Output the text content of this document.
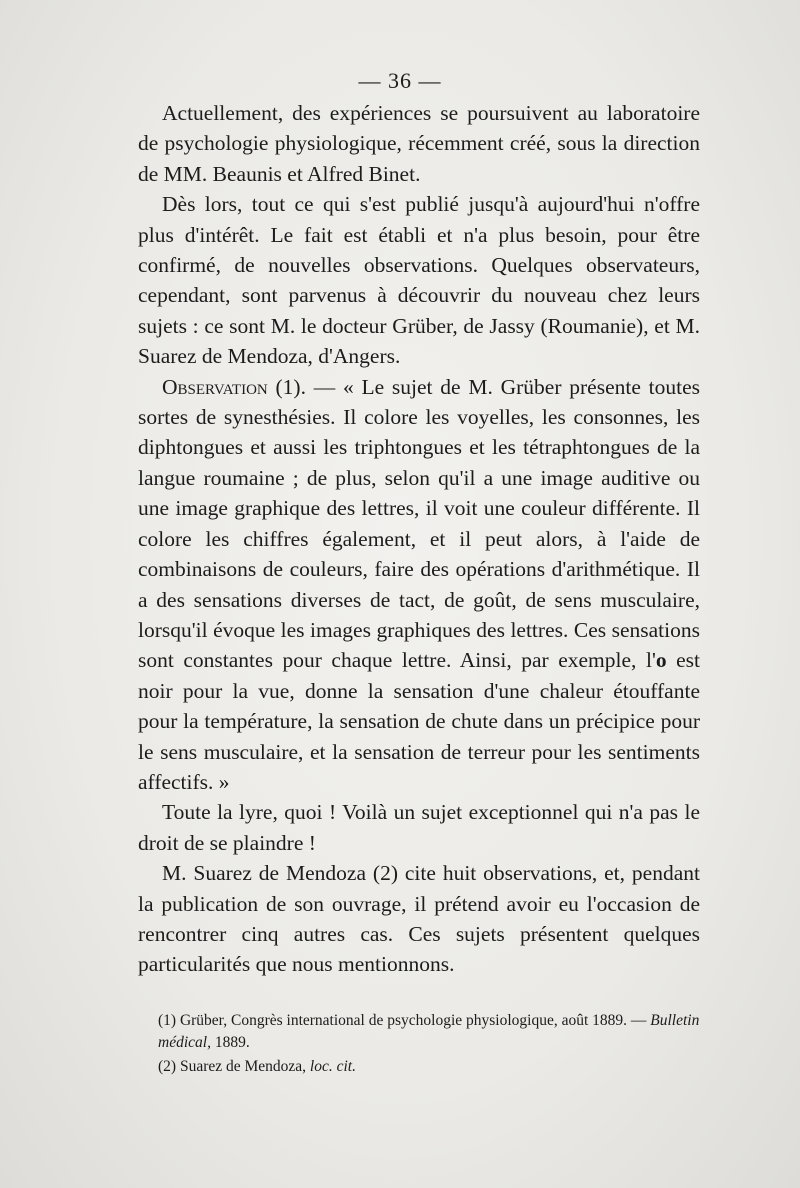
— 36 —

Actuellement, des expériences se poursuivent au laboratoire de psychologie physiologique, récemment créé, sous la direction de MM. Beaunis et Alfred Binet.

Dès lors, tout ce qui s'est publié jusqu'à aujourd'hui n'offre plus d'intérêt. Le fait est établi et n'a plus besoin, pour être confirmé, de nouvelles observations. Quelques observateurs, cependant, sont parvenus à découvrir du nouveau chez leurs sujets : ce sont M. le docteur Grüber, de Jassy (Roumanie), et M. Suarez de Mendoza, d'Angers.

Observation (1). — « Le sujet de M. Grüber présente toutes sortes de synesthésies. Il colore les voyelles, les consonnes, les diphtongues et aussi les triphtongues et les tétraphtongues de la langue roumaine ; de plus, selon qu'il a une image auditive ou une image graphique des lettres, il voit une couleur différente. Il colore les chiffres également, et il peut alors, à l'aide de combinaisons de couleurs, faire des opérations d'arithmétique. Il a des sensations diverses de tact, de goût, de sens musculaire, lorsqu'il évoque les images graphiques des lettres. Ces sensations sont constantes pour chaque lettre. Ainsi, par exemple, l'o est noir pour la vue, donne la sensation d'une chaleur étouffante pour la température, la sensation de chute dans un précipice pour le sens musculaire, et la sensation de terreur pour les sentiments affectifs. »

Toute la lyre, quoi ! Voilà un sujet exceptionnel qui n'a pas le droit de se plaindre !

M. Suarez de Mendoza (2) cite huit observations, et, pendant la publication de son ouvrage, il prétend avoir eu l'occasion de rencontrer cinq autres cas. Ces sujets présentent quelques particularités que nous mentionnons.

(1) Grüber, Congrès international de psychologie physiologique, août 1889. — Bulletin médical, 1889.

(2) Suarez de Mendoza, loc. cit.
